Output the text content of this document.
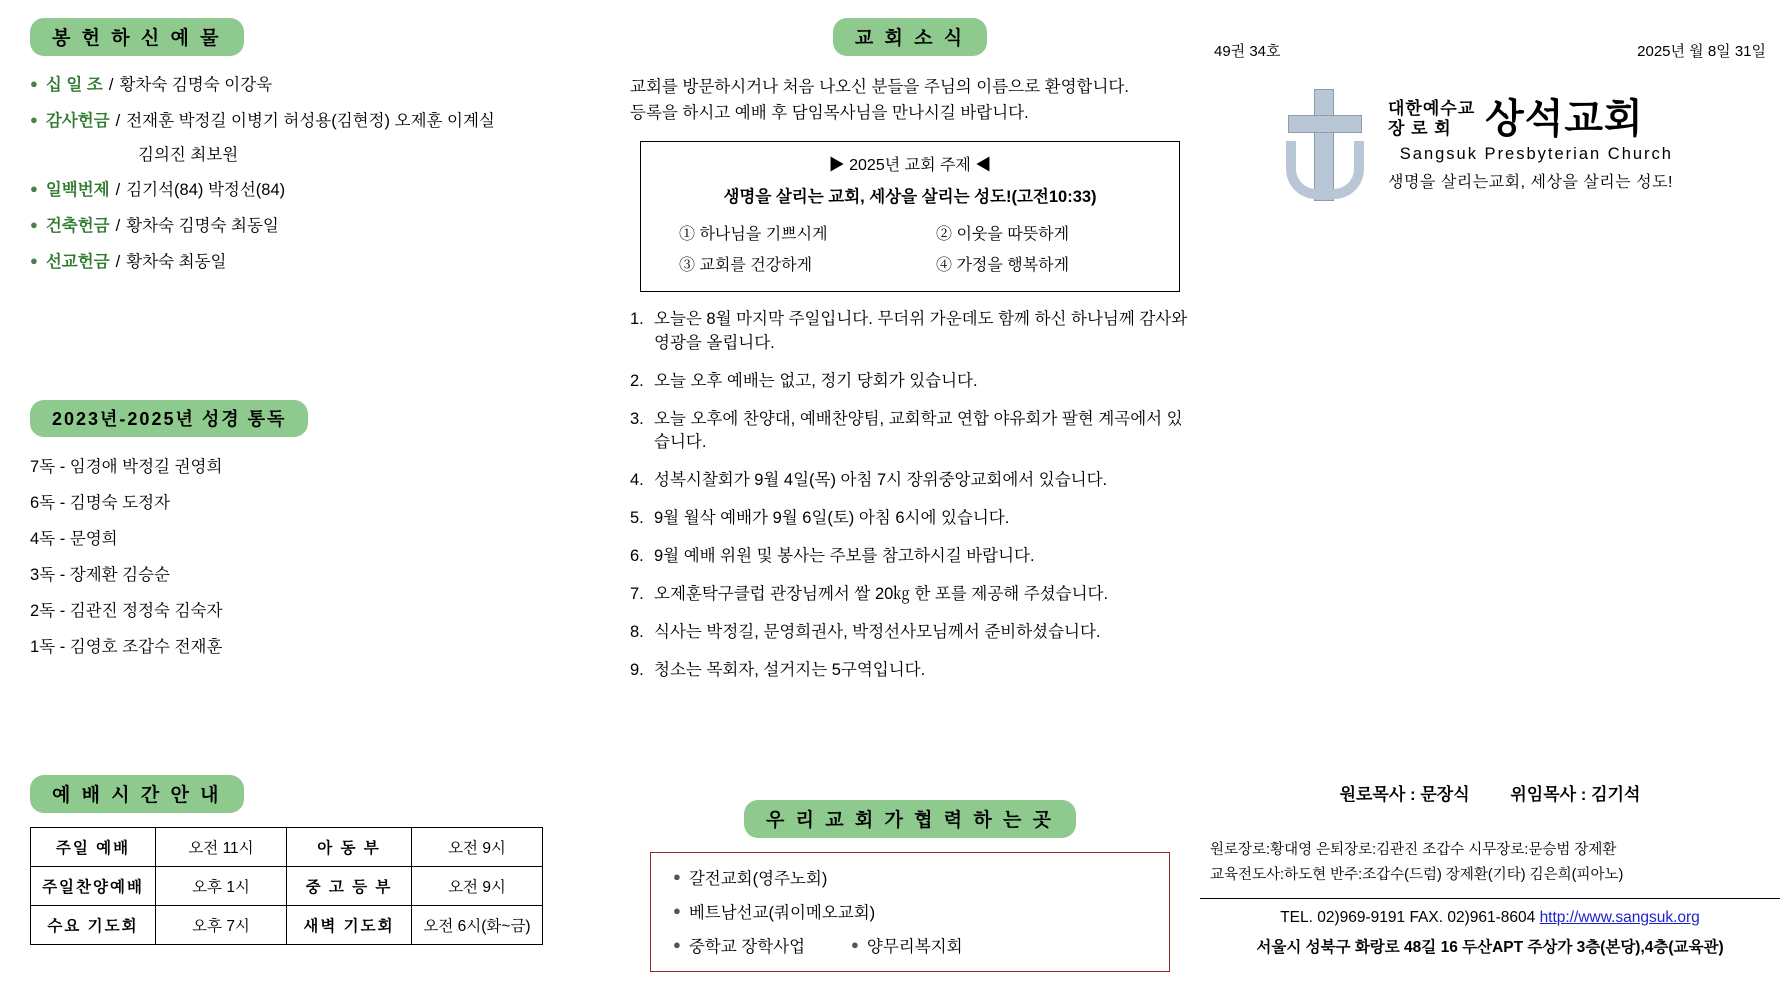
봉 헌 하 신 예 물
● 십 일 조 / 황차숙 김명숙 이강욱
● 감사헌금 / 전재훈 박정길 이병기 허성용(김현정) 오제훈 이계실
김의진 최보원
● 일백번제 / 김기석(84) 박정선(84)
● 건축헌금 / 황차숙 김명숙 최동일
● 선교헌금 / 황차숙 최동일
2023년-2025년 성경 통독
7독 - 임경애 박정길 권영희
6독 - 김명숙 도정자
4독 - 문영희
3독 - 장제환 김승순
2독 - 김관진 정정숙 김숙자
1독 - 김영호 조갑수 전재훈
예 배 시 간 안 내
주일 예배	오전 11시	아 동 부	오전 9시
주일찬양예배	오후 1시	중 고 등 부	오전 9시
수요 기도회	오후 7시	새벽 기도회	오전 6시(화~금)
교 회 소 식
교회를 방문하시거나 처음 나오신 분들을 주님의 이름으로 환영합니다.
등록을 하시고 예배 후 담임목사님을 만나시길 바랍니다.
▶ 2025년 교회 주제 ◀
생명을 살리는 교회, 세상을 살리는 성도!(고전10:33)
① 하나님을 기쁘시게	② 이웃을 따뜻하게
③ 교회를 건강하게	④ 가정을 행복하게
1. 오늘은 8월 마지막 주일입니다. 무더위 가운데도 함께 하신 하나님께 감사와 영광을 올립니다.
2. 오늘 오후 예배는 없고, 정기 당회가 있습니다.
3. 오늘 오후에 찬양대, 예배찬양팀, 교회학교 연합 야유회가 팔현 계곡에서 있습니다.
4. 성복시찰회가 9월 4일(목) 아침 7시 장위중앙교회에서 있습니다.
5. 9월 월삭 예배가 9월 6일(토) 아침 6시에 있습니다.
6. 9월 예배 위원 및 봉사는 주보를 참고하시길 바랍니다.
7. 오제훈탁구클럽 관장님께서 쌀 20㎏ 한 포를 제공해 주셨습니다.
8. 식사는 박정길, 문영희권사, 박정선사모님께서 준비하셨습니다.
9. 청소는 목회자, 설거지는 5구역입니다.
우 리 교 회 가 협 력 하 는 곳
● 갈전교회(영주노회)
● 베트남선교(쿼이메오교회)
● 중학교 장학사업	● 양무리복지회
49권 34호	2025년 월 8일 31일
대한예수교
장 로 회 상석교회
Sangsuk Presbyterian Church
생명을 살리는교회, 세상을 살리는 성도!
원로목사 : 문장식 위임목사 : 김기석
원로장로:황대영 은퇴장로:김관진 조갑수 시무장로:문승범 장제환
교육전도사:하도현 반주:조갑수(드럼) 장제환(기타) 김은희(피아노)
TEL. 02)969-9191 FAX. 02)961-8604 http://www.sangsuk.org
서울시 성북구 화랑로 48길 16 두산APT 주상가 3층(본당),4층(교육관)
